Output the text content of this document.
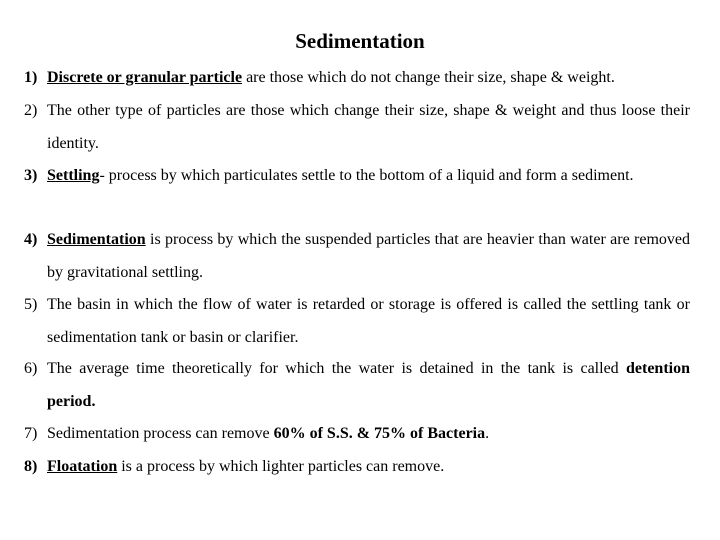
Sedimentation
1) Discrete or granular particle are those which do not change their size, shape & weight.
2) The other type of particles are those which change their size, shape & weight and thus loose their identity.
3) Settling- process by which particulates settle to the bottom of a liquid and form a sediment.
4) Sedimentation is process by which the suspended particles that are heavier than water are removed by gravitational settling.
5) The basin in which the flow of water is retarded or storage is offered is called the settling tank or sedimentation tank or basin or clarifier.
6) The average time theoretically for which the water is detained in the tank is called detention period.
7) Sedimentation process can remove 60% of S.S. & 75% of Bacteria.
8) Floatation is a process by which lighter particles can remove.
